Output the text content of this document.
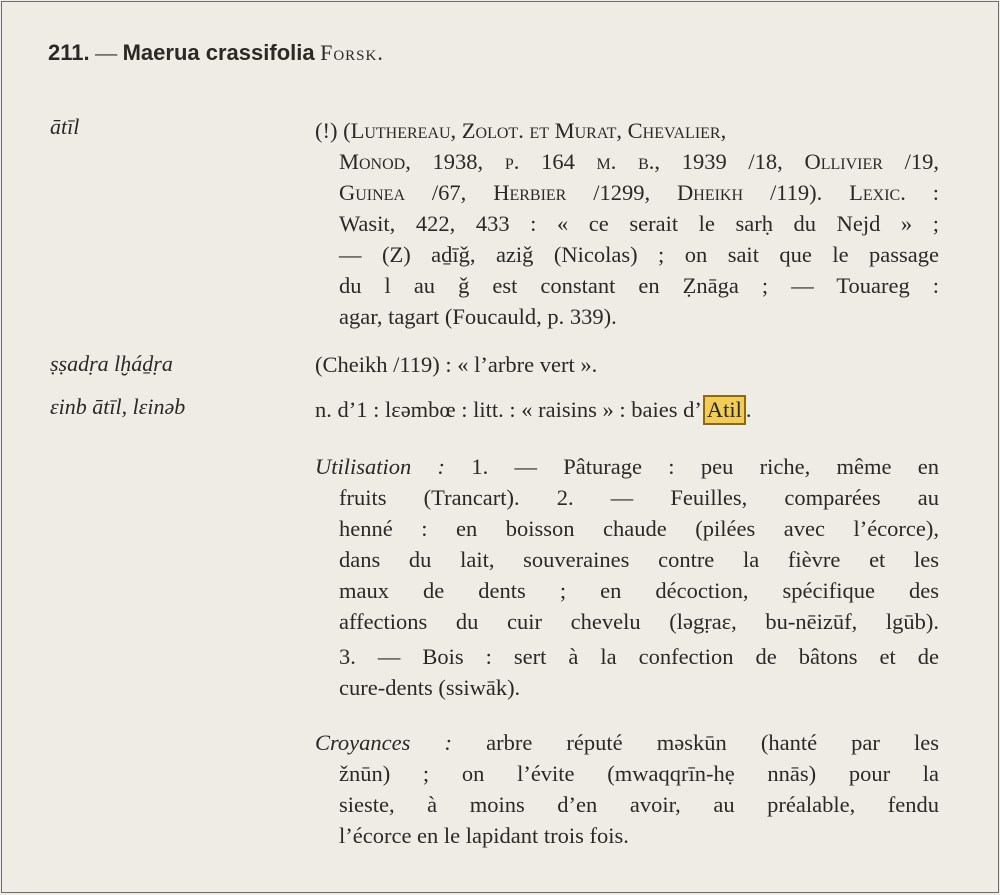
211. — Maerua crassifolia Forsk.
ātīl	(!) (Luthereau, Zolot. et Murat, Chevalier,
Monod, 1938, p. 164 m. b., 1939 /18, Ollivier /19,
Guinea /67, Herbier /1299, Dheikh /119). Lexic. :
Wasit, 422, 433 : « ce serait le sarḥ du Nejd » ;
— (Z) aḏīǧ, aziǧ (Nicolas) ; on sait que le passage
du l au ǧ est constant en Ẓnāga ; — Touareg :
agar, tagart (Foucauld, p. 339).
ṣṣadṛa lḫáḏṛa	(Cheikh /119) : « l’arbre vert ».
ɛinb ātīl, lɛinəb	n. d’1 : lɛəmbœ : litt. : « raisins » : baies d’ Atil .
Utilisation : 1. — Pâturage : peu riche, même en
fruits (Trancart). 2. — Feuilles, comparées au
henné : en boisson chaude (pilées avec l’écorce),
dans du lait, souveraines contre la fièvre et les
maux de dents ; en décoction, spécifique des
affections du cuir chevelu (ləgṛaɛ, bu-nēizūf, lgūb).
3. — Bois : sert à la confection de bâtons et de
cure-dents (ssiwāk).
Croyances : arbre réputé məskūn (hanté par les
žnūn) ; on l’évite (mwaqqrīn-hẹ nnās) pour la
sieste, à moins d’en avoir, au préalable, fendu
l’écorce en le lapidant trois fois.
